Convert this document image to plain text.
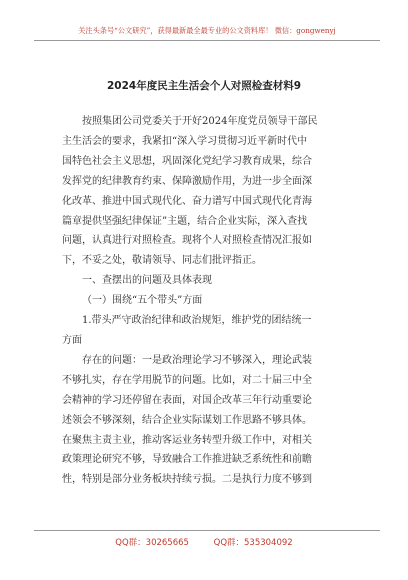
关注头条号“公文研究”，获得最新最全最专业的公文资料库！ 微信：gongwenyj
2024年度民主生活会个人对照检查材料9

按照集团公司党委关于开好2024年度党员领导干部民

主生活会的要求，我紧扣“深入学习贯彻习近平新时代中

国特色社会主义思想，巩固深化党纪学习教育成果，综合

发挥党的纪律教育约束、保障激励作用，为进一步全面深

化改革、推进中国式现代化、奋力谱写中国式现代化青海

篇章提供坚强纪律保证”主题，结合企业实际，深入查找

问题，认真进行对照检查。现将个人对照检查情况汇报如

下，不妥之处，敬请领导、同志们批评指正。

一、查摆出的问题及具体表现

（一）围绕“五个带头”方面

1.带头严守政治纪律和政治规矩，维护党的团结统一

方面

存在的问题：一是政治理论学习不够深入，理论武装

不够扎实，存在学用脱节的问题。比如，对二十届三中全

会精神的学习还停留在表面，对国企改革三年行动重要论

述领会不够深刻，结合企业实际谋划工作思路不够具体。

在聚焦主责主业，推动客运业务转型升级工作中，对相关

政策理论研究不够，导致融合工作推进缺乏系统性和前瞻

性，特别是部分业务板块持续亏损。二是执行力度不够到

QQ群：30265665	QQ群：535304092
